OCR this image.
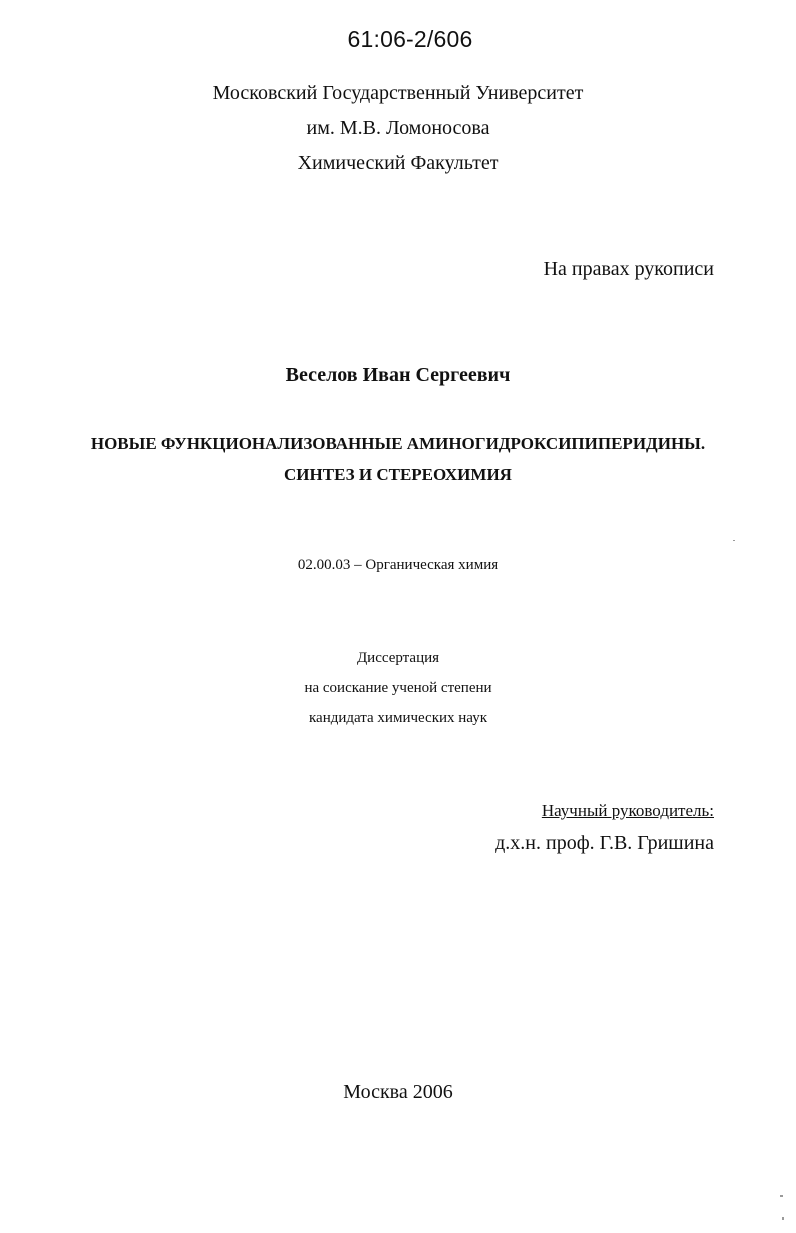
61:06-2/606
Московский Государственный Университет
им. М.В. Ломоносова
Химический Факультет
На правах рукописи
Веселов Иван Сергеевич
НОВЫЕ ФУНКЦИОНАЛИЗОВАННЫЕ АМИНОГИДРОКСИПИПЕРИДИНЫ.
СИНТЕЗ И СТЕРЕОХИМИЯ
02.00.03 – Органическая химия
Диссертация
на соискание ученой степени
кандидата химических наук
Научный руководитель:
д.х.н. проф. Г.В. Гришина
Москва 2006
